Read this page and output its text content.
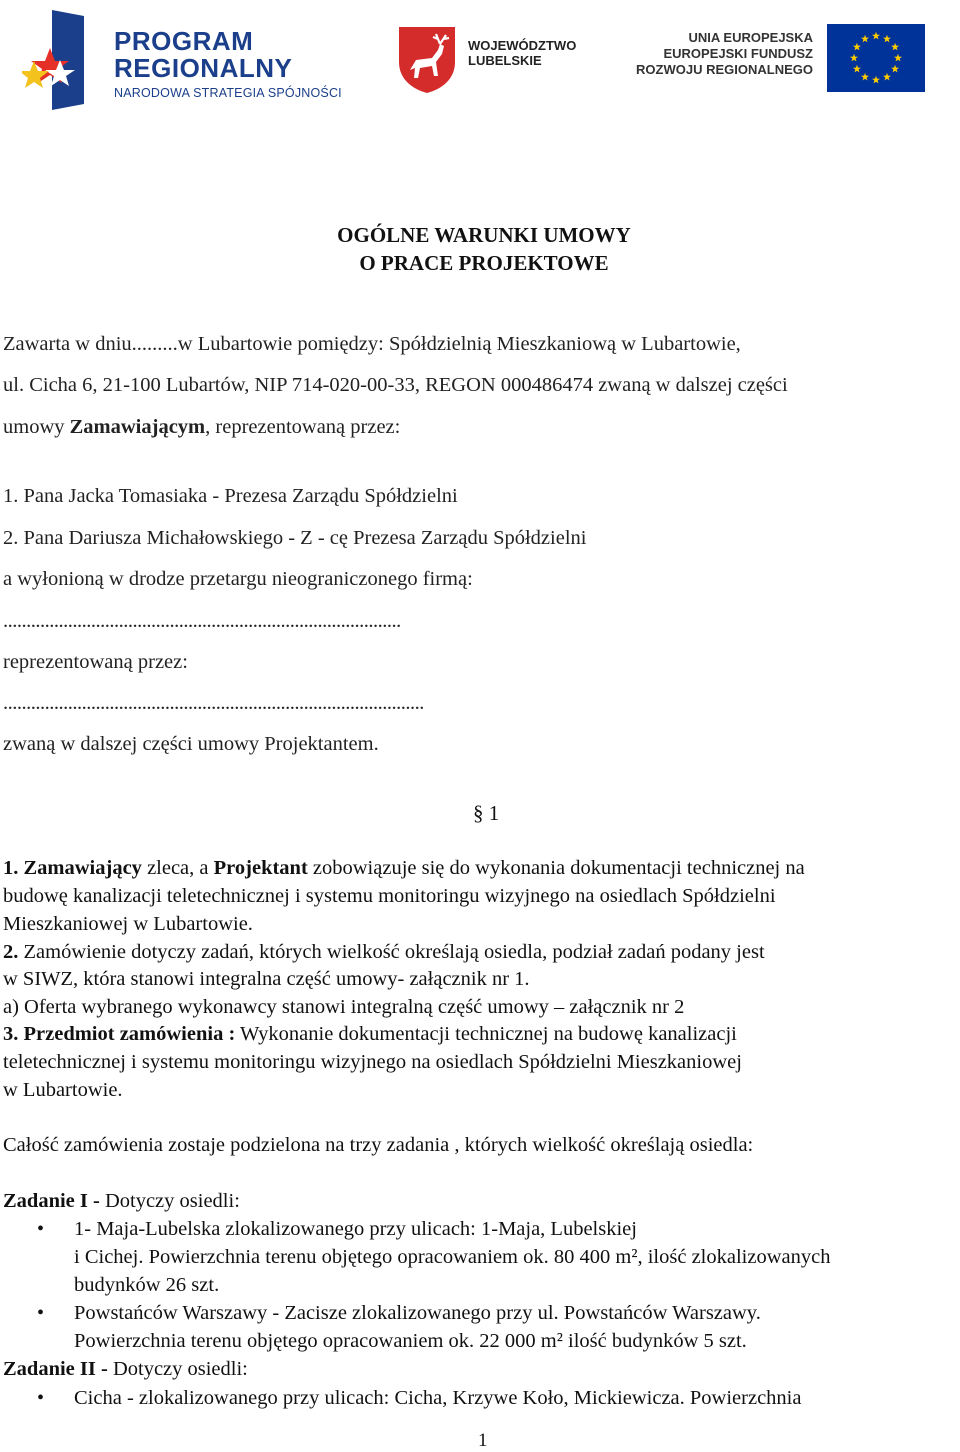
PROGRAM
REGIONALNY
NARODOWA STRATEGIA SPÓJNOŚCI
WOJEWÓDZTWO
LUBELSKIE
UNIA EUROPEJSKA
EUROPEJSKI FUNDUSZ
ROZWOJU REGIONALNEGO
OGÓLNE WARUNKI UMOWY
O PRACE PROJEKTOWE
Zawarta w dniu.........w Lubartowie pomiędzy: Spółdzielnią Mieszkaniową w Lubartowie,
ul. Cicha 6, 21-100 Lubartów, NIP 714-020-00-33, REGON 000486474 zwaną w dalszej części
umowy Zamawiającym, reprezentowaną przez:
1. Pana Jacka Tomasiaka - Prezesa Zarządu Spółdzielni
2. Pana Dariusza Michałowskiego - Z - cę Prezesa Zarządu Spółdzielni
a wyłonioną w drodze przetargu nieograniczonego firmą:
......................................................................................
reprezentowaną przez:
...........................................................................................
zwaną w dalszej części umowy Projektantem.
§ 1
1. Zamawiający zleca, a Projektant zobowiązuje się do wykonania dokumentacji technicznej na
budowę kanalizacji teletechnicznej i systemu monitoringu wizyjnego na osiedlach Spółdzielni
Mieszkaniowej w Lubartowie.
2. Zamówienie dotyczy zadań, których wielkość określają osiedla, podział zadań podany jest
w SIWZ, która stanowi integralna część umowy- załącznik nr 1.
a) Oferta wybranego wykonawcy stanowi integralną część umowy – załącznik nr 2
3. Przedmiot zamówienia : Wykonanie dokumentacji technicznej na budowę kanalizacji
teletechnicznej i systemu monitoringu wizyjnego na osiedlach Spółdzielni Mieszkaniowej
w Lubartowie.
Całość zamówienia zostaje podzielona na trzy zadania , których wielkość określają osiedla:
Zadanie I - Dotyczy osiedli:
• 1- Maja-Lubelska zlokalizowanego przy ulicach: 1-Maja, Lubelskiej
i Cichej. Powierzchnia terenu objętego opracowaniem ok. 80 400 m², ilość zlokalizowanych
budynków 26 szt.
• Powstańców Warszawy - Zacisze zlokalizowanego przy ul. Powstańców Warszawy.
Powierzchnia terenu objętego opracowaniem ok. 22 000 m² ilość budynków 5 szt.
Zadanie II - Dotyczy osiedli:
• Cicha - zlokalizowanego przy ulicach: Cicha, Krzywe Koło, Mickiewicza. Powierzchnia
1
